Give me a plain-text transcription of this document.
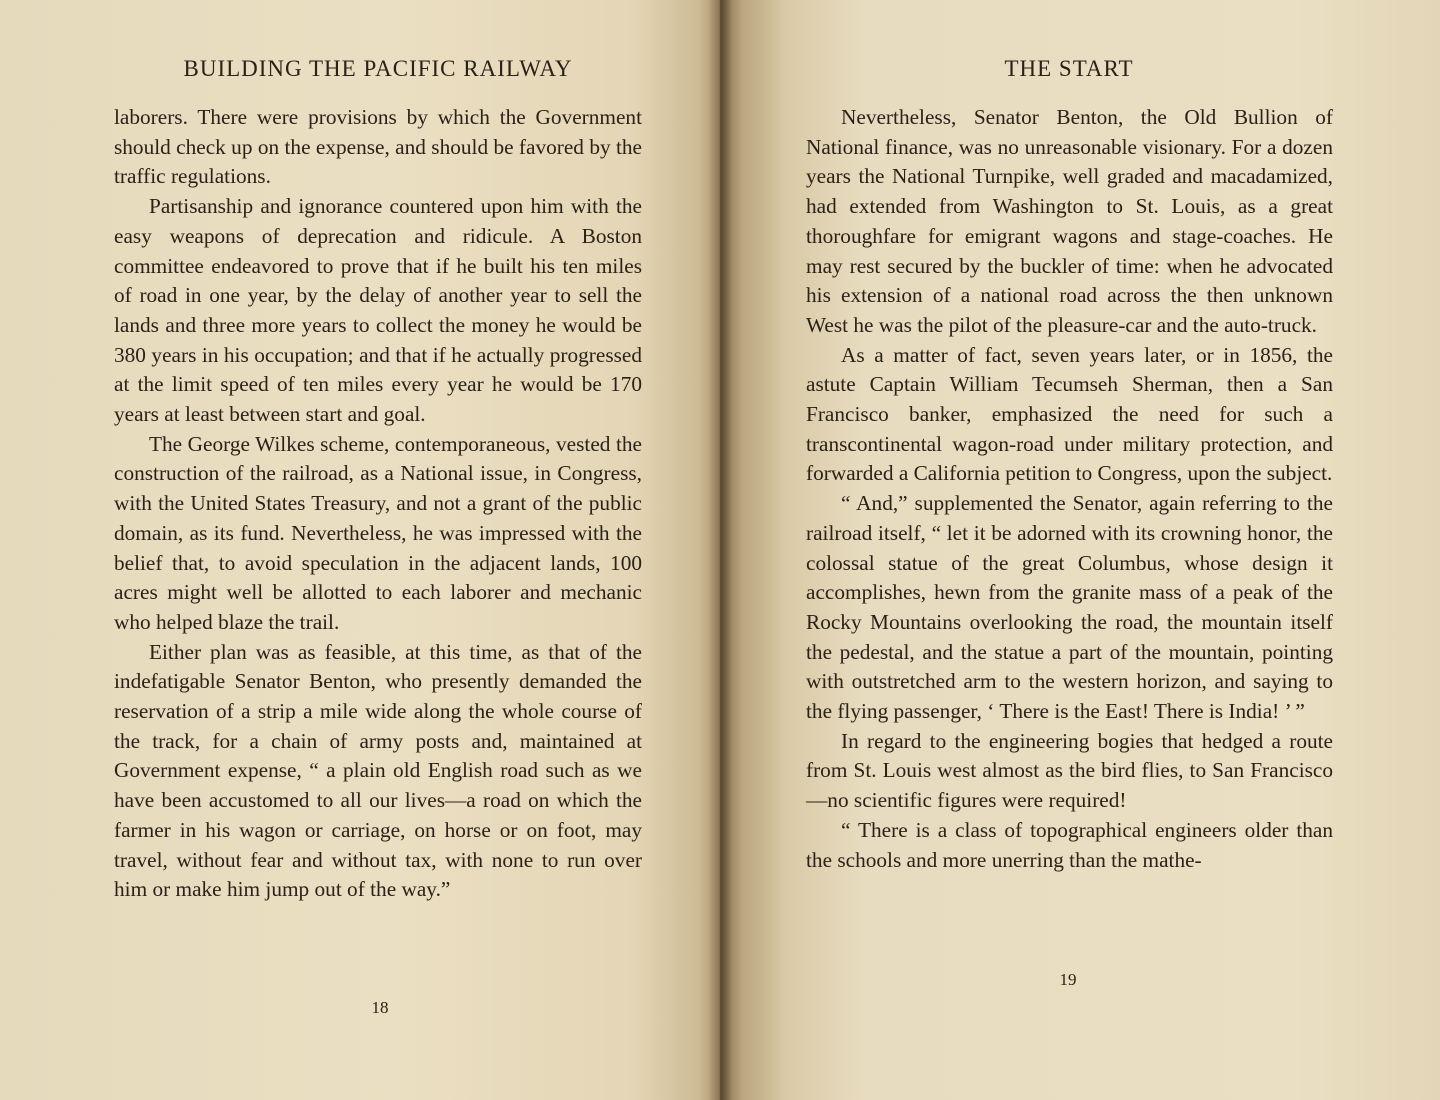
BUILDING THE PACIFIC RAILWAY

laborers. There were provisions by which the Government should check up on the expense, and should be favored by the traffic regulations.

Partisanship and ignorance countered upon him with the easy weapons of deprecation and ridicule. A Boston committee endeavored to prove that if he built his ten miles of road in one year, by the delay of another year to sell the lands and three more years to collect the money he would be 380 years in his occupation; and that if he actually progressed at the limit speed of ten miles every year he would be 170 years at least between start and goal.

The George Wilkes scheme, contemporaneous, vested the construction of the railroad, as a National issue, in Congress, with the United States Treasury, and not a grant of the public domain, as its fund. Nevertheless, he was impressed with the belief that, to avoid speculation in the adjacent lands, 100 acres might well be allotted to each laborer and mechanic who helped blaze the trail.

Either plan was as feasible, at this time, as that of the indefatigable Senator Benton, who presently demanded the reservation of a strip a mile wide along the whole course of the track, for a chain of army posts and, maintained at Government expense, “ a plain old English road such as we have been accustomed to all our lives—a road on which the farmer in his wagon or carriage, on horse or on foot, may travel, without fear and without tax, with none to run over him or make him jump out of the way.”

18
THE START

Nevertheless, Senator Benton, the Old Bullion of National finance, was no unreasonable visionary. For a dozen years the National Turnpike, well graded and macadamized, had extended from Washington to St. Louis, as a great thoroughfare for emigrant wagons and stage-coaches. He may rest secured by the buckler of time: when he advocated his extension of a national road across the then unknown West he was the pilot of the pleasure-car and the auto-truck.

As a matter of fact, seven years later, or in 1856, the astute Captain William Tecumseh Sherman, then a San Francisco banker, emphasized the need for such a transcontinental wagon-road under military protection, and forwarded a California petition to Congress, upon the subject.

“ And,” supplemented the Senator, again referring to the railroad itself, “ let it be adorned with its crowning honor, the colossal statue of the great Columbus, whose design it accomplishes, hewn from the granite mass of a peak of the Rocky Mountains overlooking the road, the mountain itself the pedestal, and the statue a part of the mountain, pointing with outstretched arm to the western horizon, and saying to the flying passenger, ‘ There is the East! There is India! ’ ”

In regard to the engineering bogies that hedged a route from St. Louis west almost as the bird flies, to San Francisco—no scientific figures were required!

“ There is a class of topographical engineers older than the schools and more unerring than the mathe-

19
